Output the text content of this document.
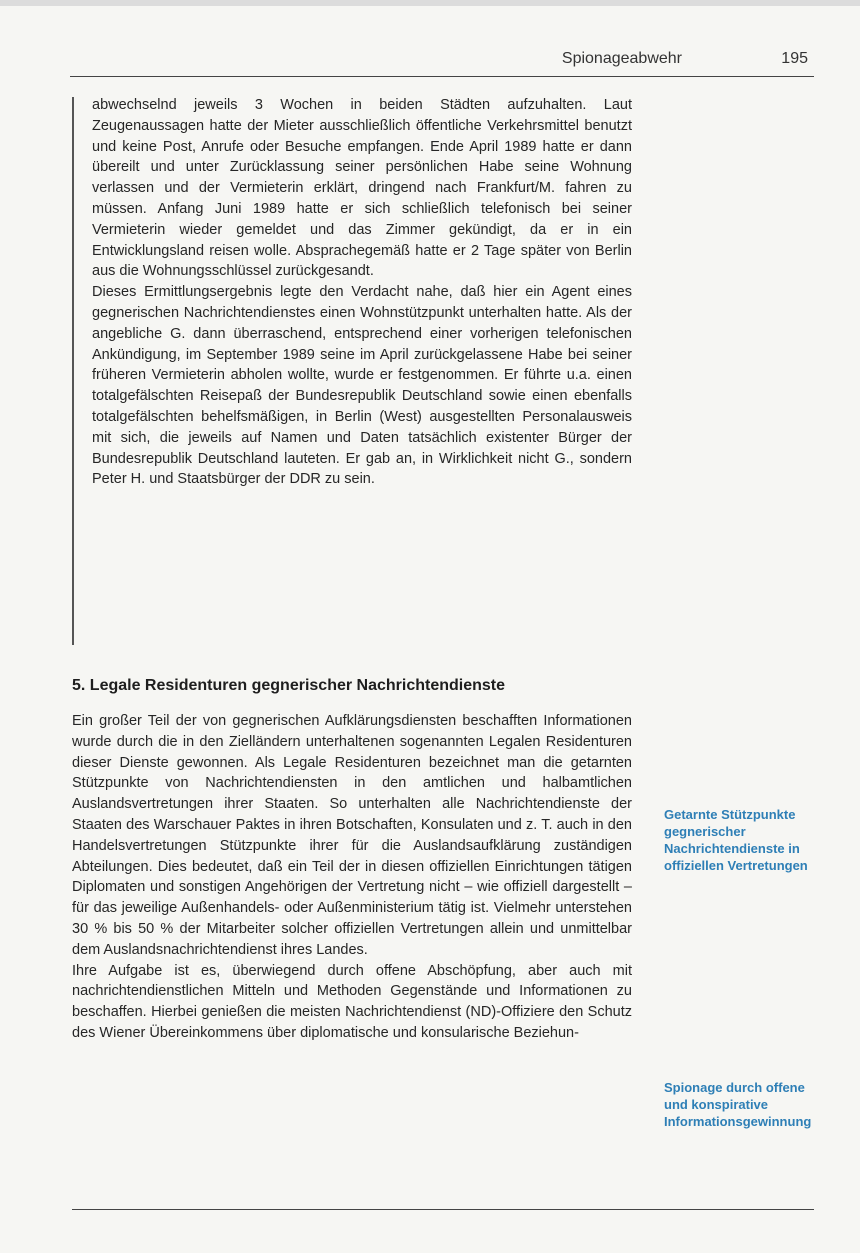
Spionageabwehr	195

abwechselnd jeweils 3 Wochen in beiden Städten aufzuhalten. Laut Zeugenaussagen hatte der Mieter ausschließlich öffentliche Verkehrsmittel benutzt und keine Post, Anrufe oder Besuche empfangen. Ende April 1989 hatte er dann übereilt und unter Zurücklassung seiner persönlichen Habe seine Wohnung verlassen und der Vermieterin erklärt, dringend nach Frankfurt/M. fahren zu müssen. Anfang Juni 1989 hatte er sich schließlich telefonisch bei seiner Vermieterin wieder gemeldet und das Zimmer gekündigt, da er in ein Entwicklungsland reisen wolle. Absprachegemäß hatte er 2 Tage später von Berlin aus die Wohnungsschlüssel zurückgesandt.

Dieses Ermittlungsergebnis legte den Verdacht nahe, daß hier ein Agent eines gegnerischen Nachrichtendienstes einen Wohnstützpunkt unterhalten hatte. Als der angebliche G. dann überraschend, entsprechend einer vorherigen telefonischen Ankündigung, im September 1989 seine im April zurückgelassene Habe bei seiner früheren Vermieterin abholen wollte, wurde er festgenommen. Er führte u.a. einen totalgefälschten Reisepaß der Bundesrepublik Deutschland sowie einen ebenfalls totalgefälschten behelfsmäßigen, in Berlin (West) ausgestellten Personalausweis mit sich, die jeweils auf Namen und Daten tatsächlich existenter Bürger der Bundesrepublik Deutschland lauteten. Er gab an, in Wirklichkeit nicht G., sondern Peter H. und Staatsbürger der DDR zu sein.

5. Legale Residenturen gegnerischer Nachrichtendienste

Ein großer Teil der von gegnerischen Aufklärungsdiensten beschafften Informationen wurde durch die in den Zielländern unterhaltenen sogenannten Legalen Residenturen dieser Dienste gewonnen. Als Legale Residenturen bezeichnet man die getarnten Stützpunkte von Nachrichtendiensten in den amtlichen und halbamtlichen Auslandsvertretungen ihrer Staaten. So unterhalten alle Nachrichtendienste der Staaten des Warschauer Paktes in ihren Botschaften, Konsulaten und z. T. auch in den Handelsvertretungen Stützpunkte ihrer für die Auslandsaufklärung zuständigen Abteilungen. Dies bedeutet, daß ein Teil der in diesen offiziellen Einrichtungen tätigen Diplomaten und sonstigen Angehörigen der Vertretung nicht – wie offiziell dargestellt – für das jeweilige Außenhandels- oder Außenministerium tätig ist. Vielmehr unterstehen 30 % bis 50 % der Mitarbeiter solcher offiziellen Vertretungen allein und unmittelbar dem Auslandsnachrichtendienst ihres Landes.

Ihre Aufgabe ist es, überwiegend durch offene Abschöpfung, aber auch mit nachrichtendienstlichen Mitteln und Methoden Gegenstände und Informationen zu beschaffen. Hierbei genießen die meisten Nachrichtendienst (ND)-Offiziere den Schutz des Wiener Übereinkommens über diplomatische und konsularische Beziehun-

Getarnte Stützpunkte gegnerischer Nachrichtendienste in offiziellen Vertretungen
Spionage durch offene und konspirative Informationsgewinnung
